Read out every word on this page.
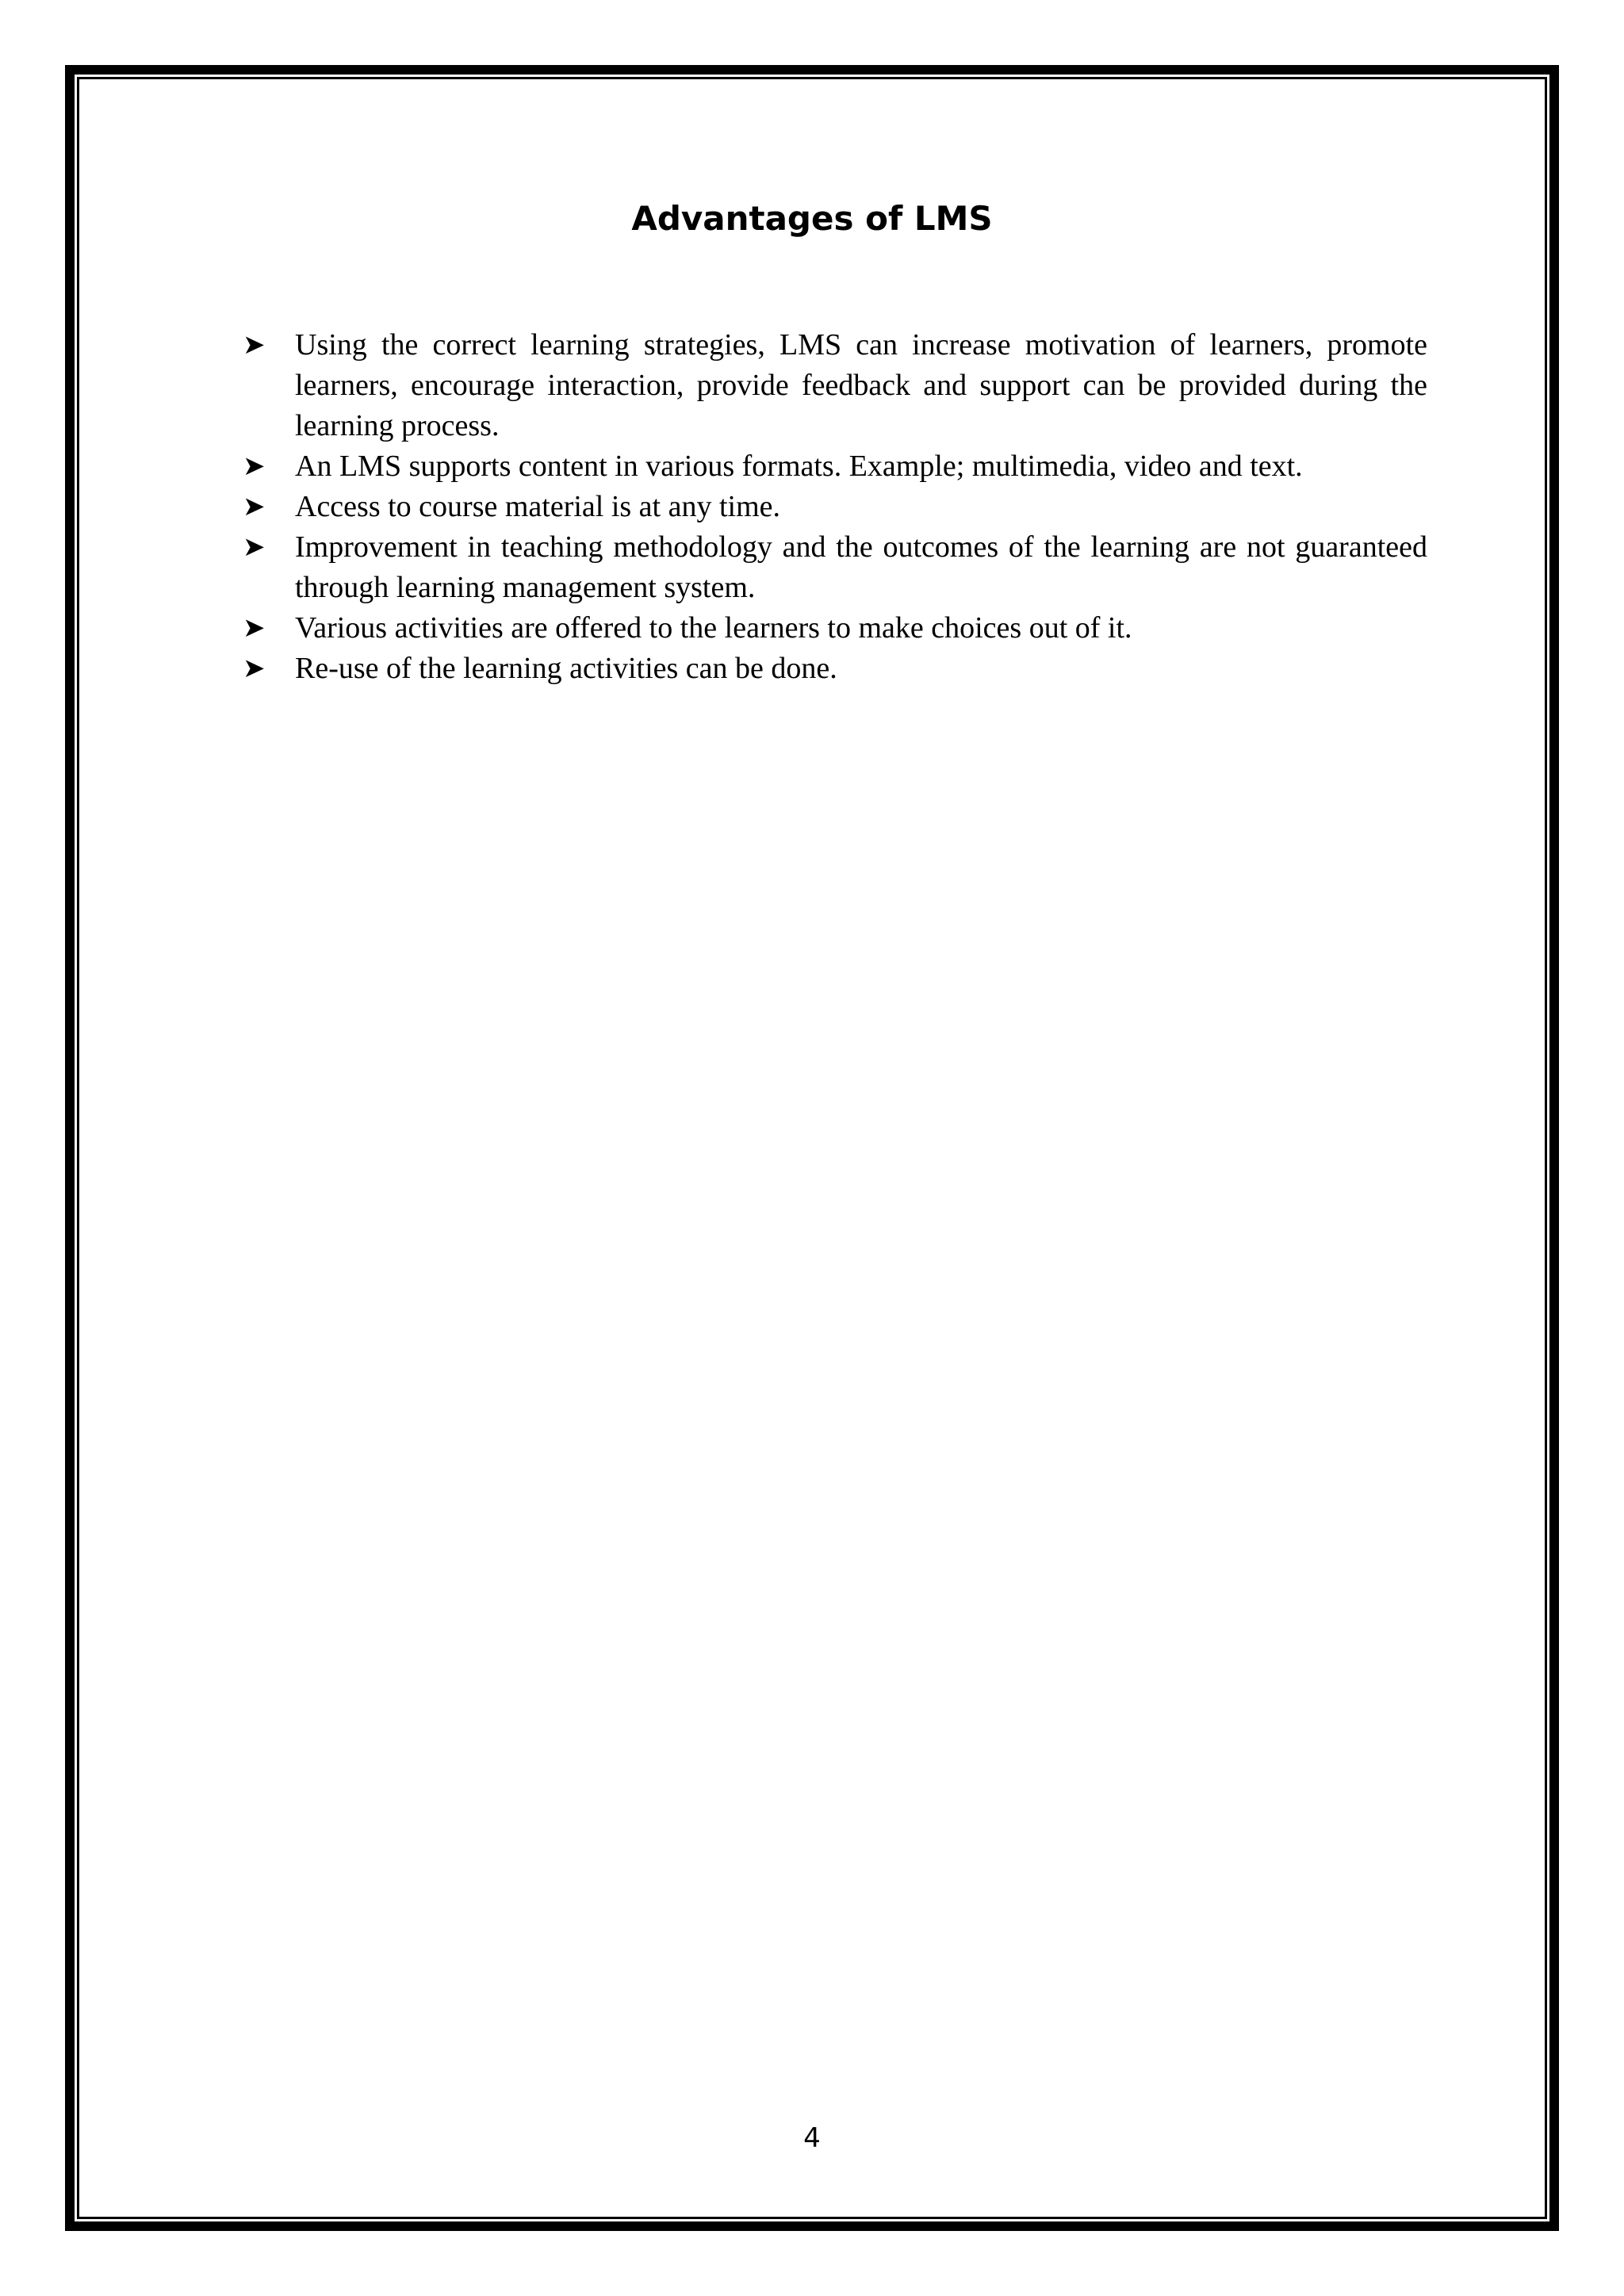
Advantages of LMS
➤ Using the correct learning strategies, LMS can increase motivation of learners, promote learners, encourage interaction, provide feedback and support can be provided during the learning process.
➤ An LMS supports content in various formats. Example; multimedia, video and text.
➤ Access to course material is at any time.
➤ Improvement in teaching methodology and the outcomes of the learning are not guaranteed through learning management system.
➤ Various activities are offered to the learners to make choices out of it.
➤ Re-use of the learning activities can be done.
4
